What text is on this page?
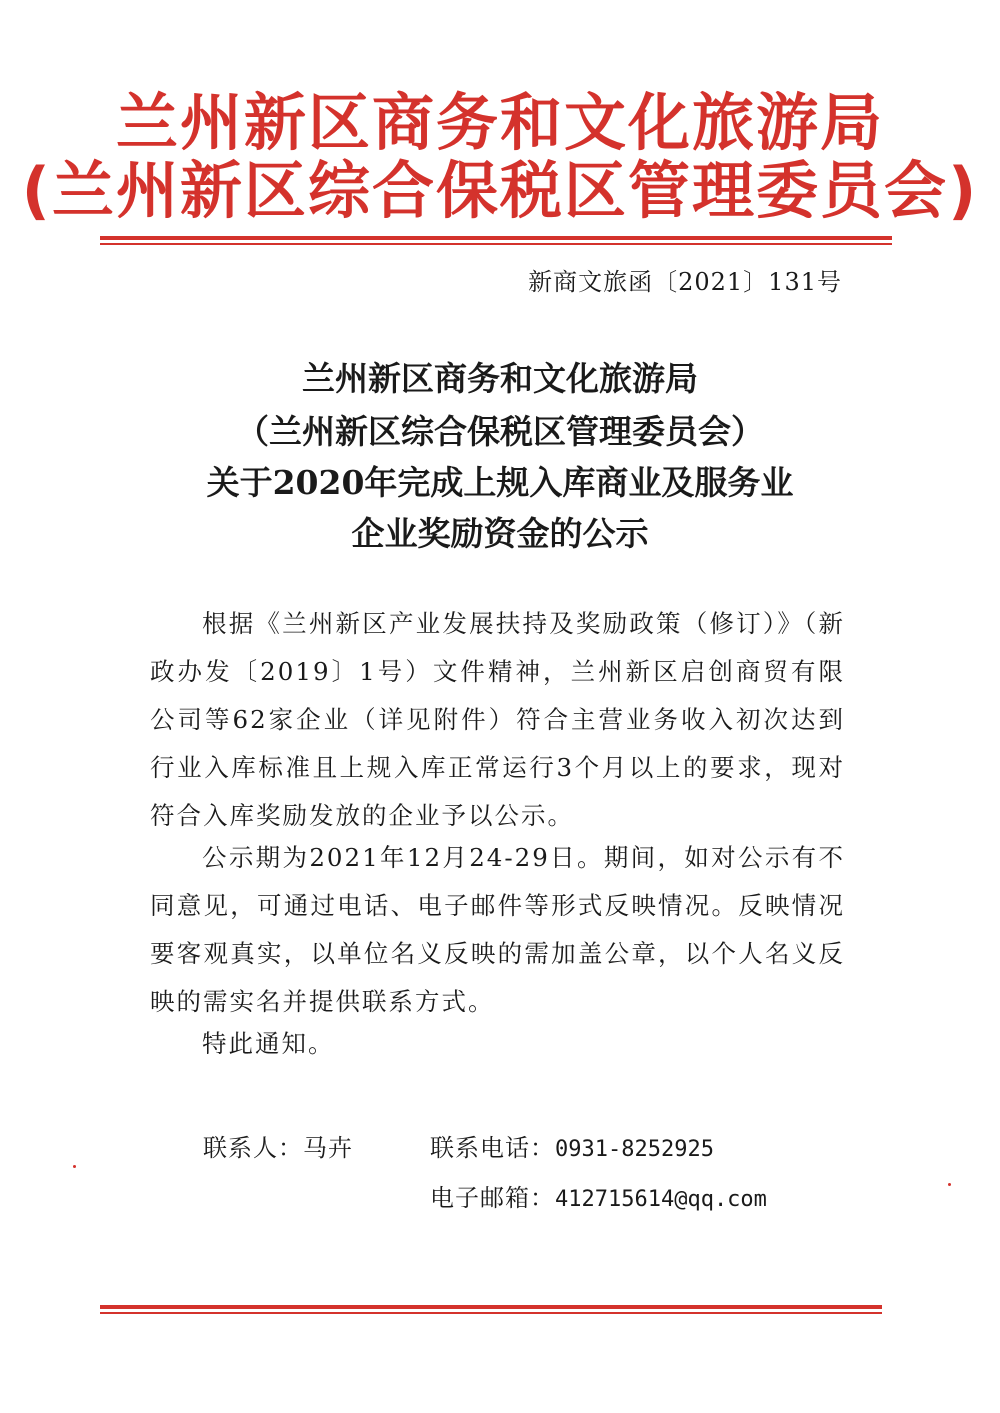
兰州新区商务和文化旅游局
(兰州新区综合保税区管理委员会)
新商文旅函〔2021〕131号
兰州新区商务和文化旅游局
（兰州新区综合保税区管理委员会）
关于2020年完成上规入库商业及服务业
企业奖励资金的公示
根据《兰州新区产业发展扶持及奖励政策（修订）》（新政办发〔2019〕1号）文件精神，兰州新区启创商贸有限公司等62家企业（详见附件）符合主营业务收入初次达到行业入库标准且上规入库正常运行3个月以上的要求，现对符合入库奖励发放的企业予以公示。
公示期为2021年12月24-29日。期间，如对公示有不同意见，可通过电话、电子邮件等形式反映情况。反映情况要客观真实，以单位名义反映的需加盖公章，以个人名义反映的需实名并提供联系方式。
特此通知。
联系人：马卉	联系电话：0931-8252925
电子邮箱：412715614@qq.com
